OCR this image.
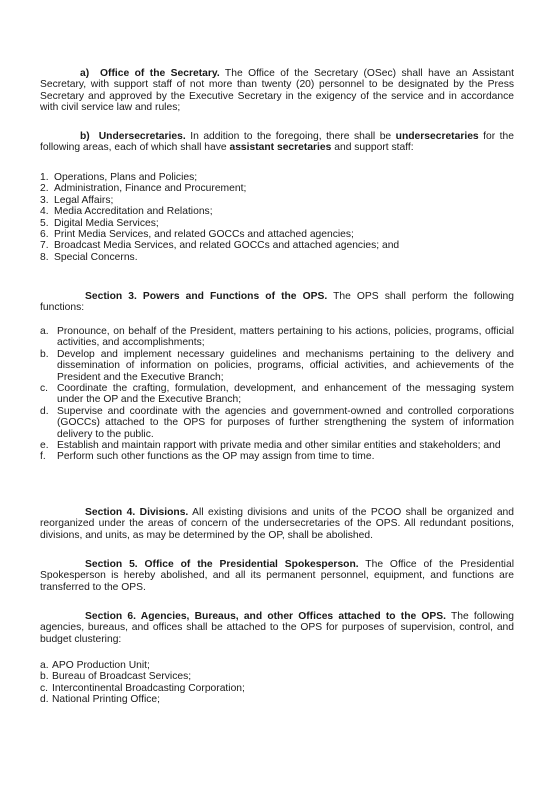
a) Office of the Secretary. The Office of the Secretary (OSec) shall have an Assistant Secretary, with support staff of not more than twenty (20) personnel to be designated by the Press Secretary and approved by the Executive Secretary in the exigency of the service and in accordance with civil service law and rules;

b) Undersecretaries. In addition to the foregoing, there shall be undersecretaries for the following areas, each of which shall have assistant secretaries and support staff:

1. Operations, Plans and Policies;
2. Administration, Finance and Procurement;
3. Legal Affairs;
4. Media Accreditation and Relations;
5. Digital Media Services;
6. Print Media Services, and related GOCCs and attached agencies;
7. Broadcast Media Services, and related GOCCs and attached agencies; and
8. Special Concerns.

Section 3. Powers and Functions of the OPS. The OPS shall perform the following functions:

a. Pronounce, on behalf of the President, matters pertaining to his actions, policies, programs, official activities, and accomplishments;
b. Develop and implement necessary guidelines and mechanisms pertaining to the delivery and dissemination of information on policies, programs, official activities, and achievements of the President and the Executive Branch;
c. Coordinate the crafting, formulation, development, and enhancement of the messaging system under the OP and the Executive Branch;
d. Supervise and coordinate with the agencies and government-owned and controlled corporations (GOCCs) attached to the OPS for purposes of further strengthening the system of information delivery to the public.
e. Establish and maintain rapport with private media and other similar entities and stakeholders; and
f.	Perform such other functions as the OP may assign from time to time.

Section 4. Divisions. All existing divisions and units of the PCOO shall be organized and reorganized under the areas of concern of the undersecretaries of the OPS. All redundant positions, divisions, and units, as may be determined by the OP, shall be abolished.

Section 5. Office of the Presidential Spokesperson. The Office of the Presidential Spokesperson is hereby abolished, and all its permanent personnel, equipment, and functions are transferred to the OPS.

Section 6. Agencies, Bureaus, and other Offices attached to the OPS. The following agencies, bureaus, and offices shall be attached to the OPS for purposes of supervision, control, and budget clustering:

a. APO Production Unit;
b. Bureau of Broadcast Services;
c. Intercontinental Broadcasting Corporation;
d. National Printing Office;
